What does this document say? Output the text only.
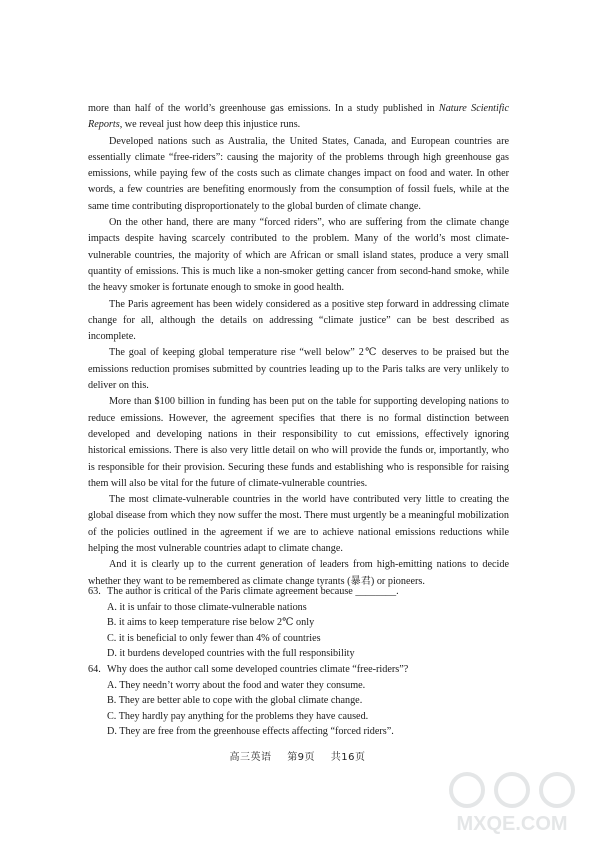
more than half of the world’s greenhouse gas emissions. In a study published in Nature Scientific Reports, we reveal just how deep this injustice runs.

Developed nations such as Australia, the United States, Canada, and European countries are essentially climate “free-riders”: causing the majority of the problems through high greenhouse gas emissions, while paying few of the costs such as climate changes impact on food and water. In other words, a few countries are benefiting enormously from the consumption of fossil fuels, while at the same time contributing disproportionately to the global burden of climate change.

On the other hand, there are many “forced riders”, who are suffering from the climate change impacts despite having scarcely contributed to the problem. Many of the world’s most climate-vulnerable countries, the majority of which are African or small island states, produce a very small quantity of emissions. This is much like a non-smoker getting cancer from second-hand smoke, while the heavy smoker is fortunate enough to smoke in good health.

The Paris agreement has been widely considered as a positive step forward in addressing climate change for all, although the details on addressing “climate justice” can be best described as incomplete.

The goal of keeping global temperature rise “well below” 2℃ deserves to be praised but the emissions reduction promises submitted by countries leading up to the Paris talks are very unlikely to deliver on this.

More than $100 billion in funding has been put on the table for supporting developing nations to reduce emissions. However, the agreement specifies that there is no formal distinction between developed and developing nations in their responsibility to cut emissions, effectively ignoring historical emissions. There is also very little detail on who will provide the funds or, importantly, who is responsible for their provision. Securing these funds and establishing who is responsible for raising them will also be vital for the future of climate-vulnerable countries.

The most climate-vulnerable countries in the world have contributed very little to creating the global disease from which they now suffer the most. There must urgently be a meaningful mobilization of the policies outlined in the agreement if we are to achieve national emissions reductions while helping the most vulnerable countries adapt to climate change.

And it is clearly up to the current generation of leaders from high-emitting nations to decide whether they want to be remembered as climate change tyrants (暴君) or pioneers.

63. The author is critical of the Paris climate agreement because ________.
A. it is unfair to those climate-vulnerable nations
B. it aims to keep temperature rise below 2℃ only
C. it is beneficial to only fewer than 4% of countries
D. it burdens developed countries with the full responsibility
64. Why does the author call some developed countries climate “free-riders”?
A. They needn’t worry about the food and water they consume.
B. They are better able to cope with the global climate change.
C. They hardly pay anything for the problems they have caused.
D. They are free from the greenhouse effects affecting “forced riders”.
高三英语 第9页 共16页
MXQE.COM
